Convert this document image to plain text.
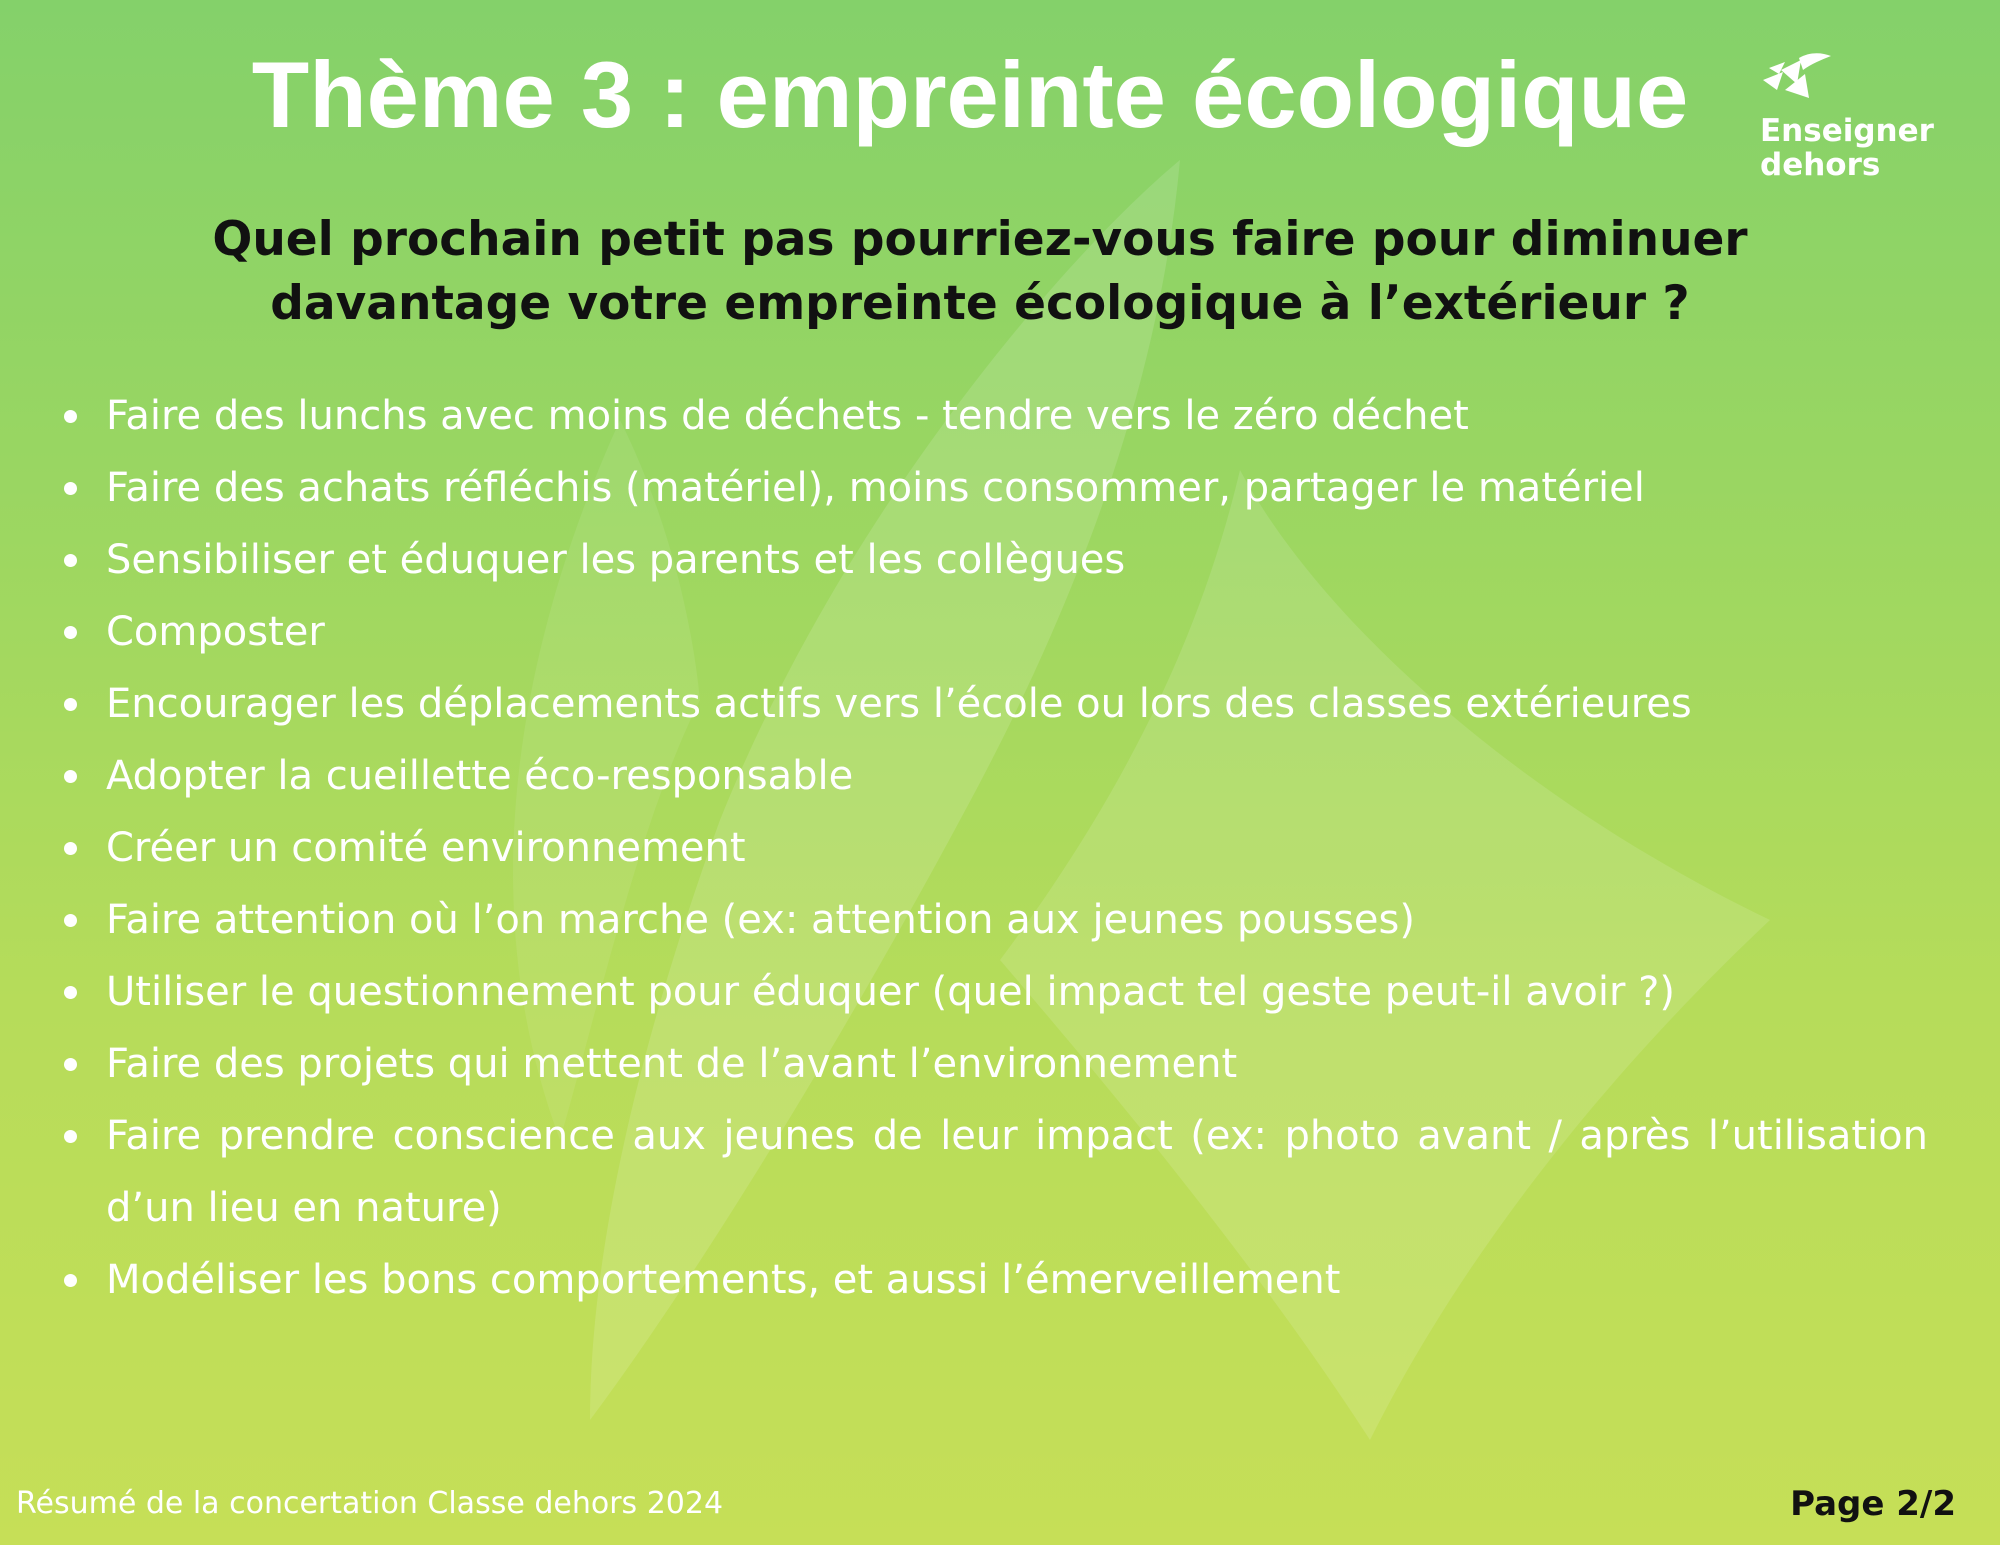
Thème 3 : empreinte écologique	Enseigner
dehors
Quel prochain petit pas pourriez-vous faire pour diminuer
davantage votre empreinte écologique à l’extérieur ?
Faire des lunchs avec moins de déchets - tendre vers le zéro déchet
Faire des achats réfléchis (matériel), moins consommer, partager le matériel
Sensibiliser et éduquer les parents et les collègues
Composter
Encourager les déplacements actifs vers l’école ou lors des classes extérieures
Adopter la cueillette éco-responsable
Créer un comité environnement
Faire attention où l’on marche (ex: attention aux jeunes pousses)
Utiliser le questionnement pour éduquer (quel impact tel geste peut-il avoir ?)
Faire des projets qui mettent de l’avant l’environnement
Faire prendre conscience aux jeunes de leur impact (ex: photo avant / après l’utilisation d’un lieu en nature)
Modéliser les bons comportements, et aussi l’émerveillement
Résumé de la concertation Classe dehors 2024	Page 2/2
